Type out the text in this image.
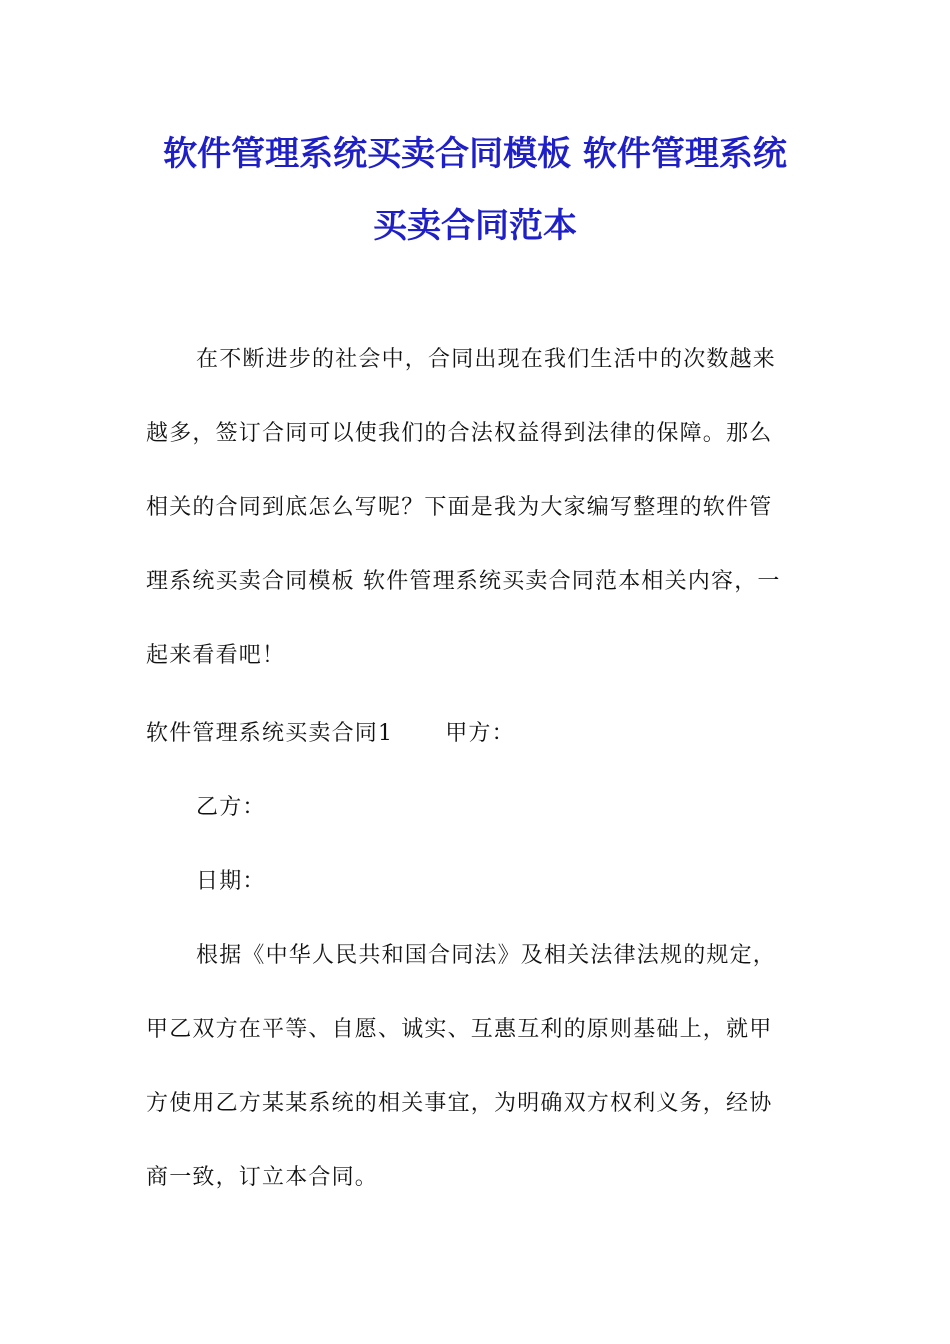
软件管理系统买卖合同模板 软件管理系统
买卖合同范本
在不断进步的社会中，合同出现在我们生活中的次数越来
越多，签订合同可以使我们的合法权益得到法律的保障。那么
相关的合同到底怎么写呢？下面是我为大家编写整理的软件管
理系统买卖合同模板 软件管理系统买卖合同范本相关内容，一
起来看看吧！
软件管理系统买卖合同1 甲方：
乙方：
日期：
根据《中华人民共和国合同法》及相关法律法规的规定，
甲乙双方在平等、自愿、诚实、互惠互利的原则基础上，就甲
方使用乙方某某系统的相关事宜，为明确双方权利义务，经协
商一致，订立本合同。
